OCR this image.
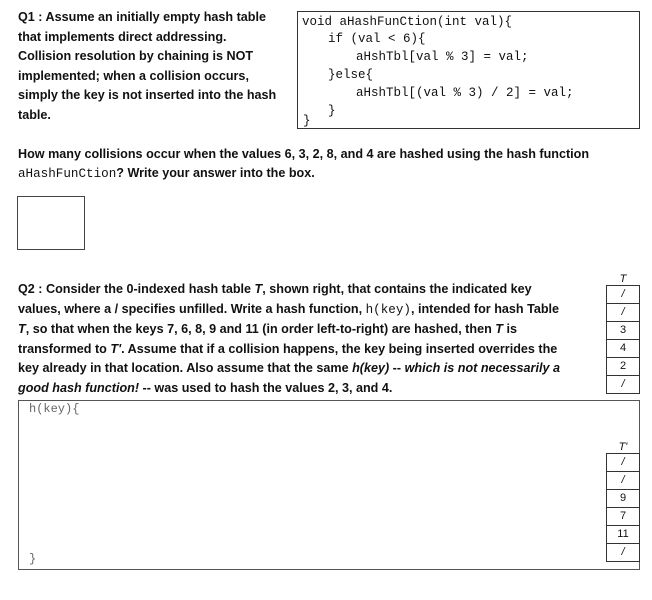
Q1 : Assume an initially empty hash table
that implements direct addressing.
Collision resolution by chaining is NOT
implemented; when a collision occurs,
simply the key is not inserted into the hash
table.
void aHashFunCtion(int val){
if (val < 6){
aHshTbl[val % 3] = val;
}else{
aHshTbl[(val % 3) / 2] = val;
}
}
How many collisions occur when the values 6, 3, 2, 8, and 4 are hashed using the hash function
aHashFunCtion? Write your answer into the box.
Q2 : Consider the 0-indexed hash table T, shown right, that contains the indicated key
values, where a / specifies unfilled. Write a hash function, h(key), intended for hash Table
T, so that when the keys 7, 6, 8, 9 and 11 (in order left-to-right) are hashed, then T is
transformed to T'. Assume that if a collision happens, the key being inserted overrides the
key already in that location. Also assume that the same h(key) -- which is not necessarily a
good hash function! -- was used to hash the values 2, 3, and 4.
h(key){
}
T
/
/
3
4
2
/
T'
/
/
9
7
11
/
